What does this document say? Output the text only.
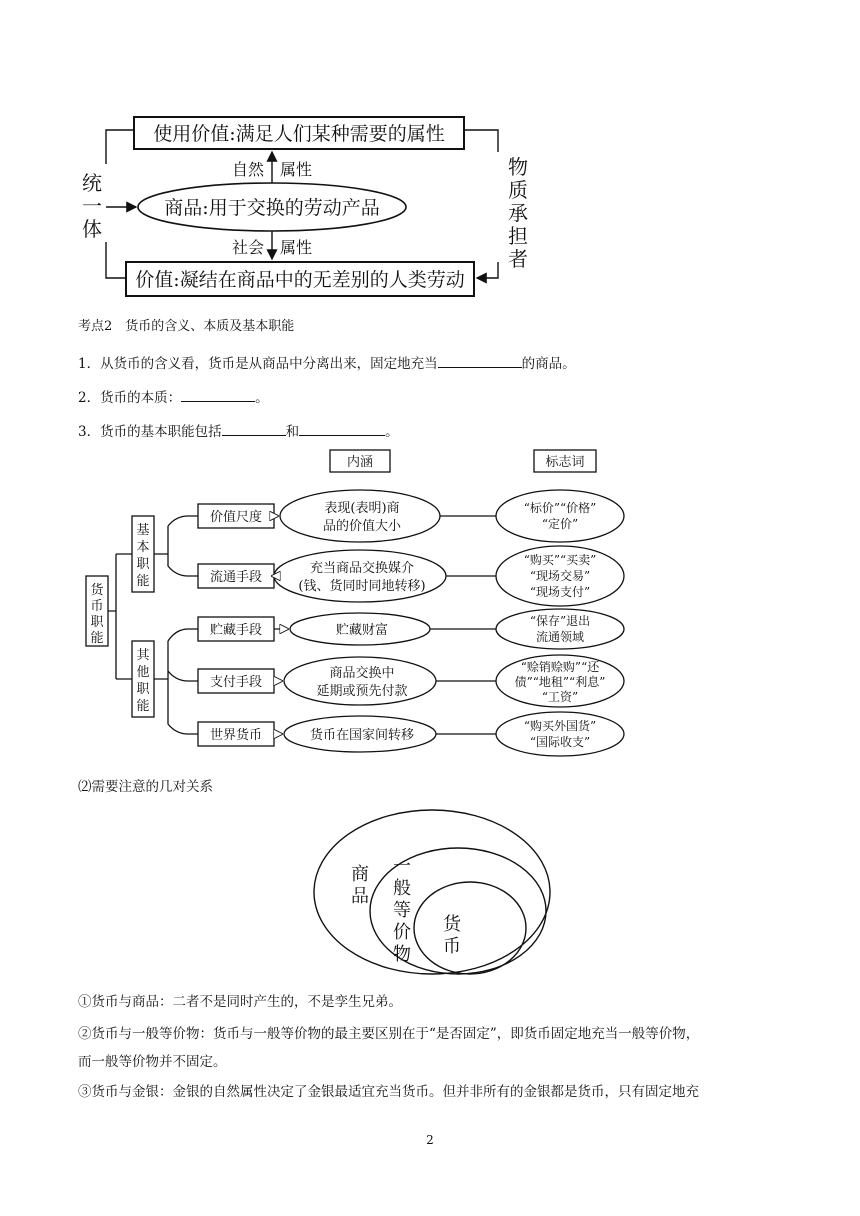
使用价值:满足人们某种需要的属性
价值:凝结在商品中的无差别的人类劳动
商品:用于交换的劳动产品
自然 属性
社会 属性
统
一
体
物
质
承
担
者
考点2　货币的含义、本质及基本职能
1．从货币的含义看，货币是从商品中分离出来，固定地充当	的商品。
2．货币的本质：	。
3．货币的基本职能包括	和	。
内涵	标志词
货
币
职
能
基
本
职
能
其
他
职
能
价值尺度
流通手段
贮藏手段
支付手段
世界货币
表现(表明)商
品的价值大小
充当商品交换媒介
(钱、货同时同地转移)
贮藏财富
商品交换中
延期或预先付款
货币在国家间转移
“标价”“价格”
“定价”
“购买”“买卖”
“现场交易”
“现场支付”
“保存”退出
流通领域
“赊销赊购”“还
债”“地租”“利息”
“工资”
“购买外国货”
“国际收支”
⑵需要注意的几对关系
商
品
一
般
等
价
物
货
币
①货币与商品：二者不是同时产生的，不是孪生兄弟。
②货币与一般等价物：货币与一般等价物的最主要区别在于“是否固定”，即货币固定地充当一般等价物，
而一般等价物并不固定。
③货币与金银：金银的自然属性决定了金银最适宜充当货币。但并非所有的金银都是货币，只有固定地充
2
